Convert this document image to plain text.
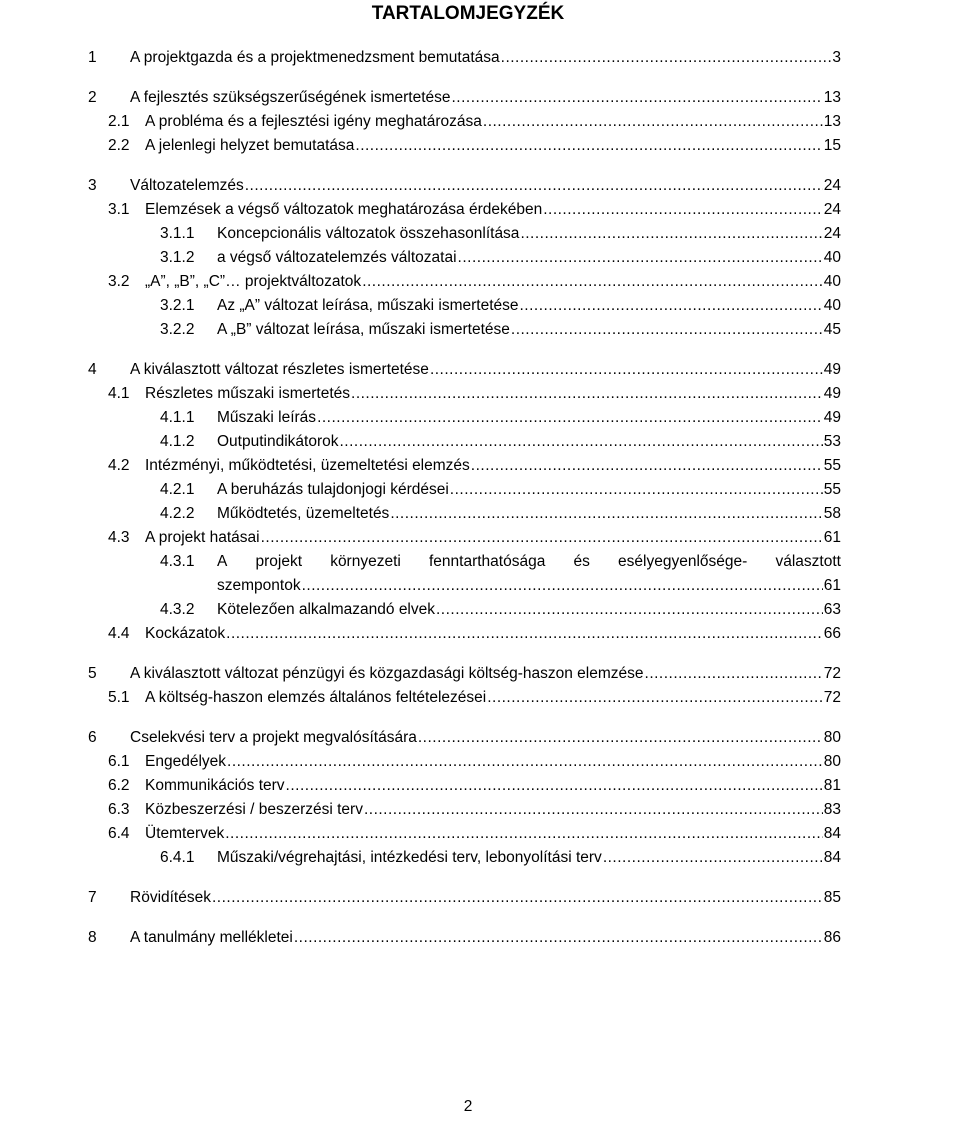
TARTALOMJEGYZÉK
1 A projektgazda és a projektmenedzsment bemutatása .....	3
2 A fejlesztés szükségszerűségének ismertetése .....	13
2.1 A probléma és a fejlesztési igény meghatározása .....	13
2.2 A jelenlegi helyzet bemutatása .....	15
3 Változatelemzés .....	24
3.1 Elemzések a végső változatok meghatározása érdekében .....	24
3.1.1 Koncepcionális változatok összehasonlítása .....	24
3.1.2 a végső változatelemzés változatai .....	40
3.2 „A”, „B”, „C”… projektváltozatok .....	40
3.2.1 Az „A” változat leírása, műszaki ismertetése .....	40
3.2.2 A „B” változat leírása, műszaki ismertetése .....	45
4 A kiválasztott változat részletes ismertetése .....	49
4.1 Részletes műszaki ismertetés .....	49
4.1.1 Műszaki leírás .....	49
4.1.2 Outputindikátorok .....	53
4.2 Intézményi, működtetési, üzemeltetési elemzés .....	55
4.2.1 A beruházás tulajdonjogi kérdései .....	55
4.2.2 Működtetés, üzemeltetés .....	58
4.3 A projekt hatásai .....	61
4.3.1 A projekt környezeti fenntarthatósága és esélyegyenlősége- választott
szempontok .....	61
4.3.2 Kötelezően alkalmazandó elvek .....	63
4.4 Kockázatok .....	66
5 A kiválasztott változat pénzügyi és közgazdasági költség-haszon elemzése .....	72
5.1 A költség-haszon elemzés általános feltételezései .....	72
6 Cselekvési terv a projekt megvalósítására .....	80
6.1 Engedélyek .....	80
6.2 Kommunikációs terv .....	81
6.3 Közbeszerzési / beszerzési terv .....	83
6.4 Ütemtervek .....	84
6.4.1 Műszaki/végrehajtási, intézkedési terv, lebonyolítási terv .....	84
7 Rövidítések .....	85
8 A tanulmány mellékletei .....	86
2
